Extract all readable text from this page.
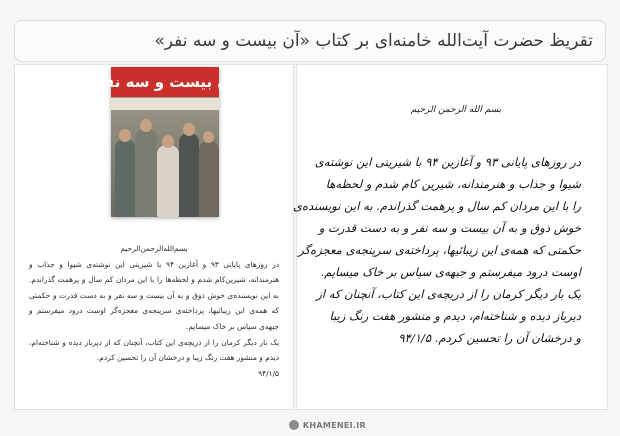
تقریظ حضرت آیت‌الله خامنه‌ای بر کتاب «آن بیست و سه نفر»
آن بیست و سه نفر

بسم‌الله‌الرحمن‌الرحیم

در روزهای پایانی ۹۳ و آغازین ۹۴ با شیرینی این نوشته‌ی شیوا و جذاب و هنرمندانه، شیرین‌کام شدم و لحظه‌ها را با این مردان کم سال و پرهمت گذراندم. به این نویسنده‌ی خوش ذوق و به آن بیست و سه نفر و به دست قدرت و حکمتی که همه‌ی این زیبائیها، پرداخته‌ی سرپنجه‌ی معجزه‌گر اوست درود میفرستم و جبهه‌ی سپاس بر خاک میسایم.

یک بار دیگر کرمان را از دریچه‌ی این کتاب، آنچنان که از دیرباز دیده و شناخته‌ام، دیدم و منشور هفت رنگ زیبا و درخشان آن را تحسین کردم.

۹۴/۱/۵

بسم الله الرحمن الرحیم
در روزهای پایانی ۹۳ و آغازین ۹۴ با شیرینی این نوشته‌ی
شیوا و جذاب و هنرمندانه، شیرین کام شدم و لحظه‌ها
را با این مردان کم سال و پرهمت گذراندم. به این نویسنده‌ی
خوش ذوق و به آن بیست و سه نفر و به دست قدرت و
حکمتی که همه‌ی این زیبائیها، پرداخته‌ی سرپنجه‌ی معجزه‌گر
اوست درود میفرستم و جبهه‌ی سپاس بر خاک میسایم.
یک بار دیگر کرمان را از دریچه‌ی این کتاب، آنچنان که از
دیرباز دیده و شناخته‌ام، دیدم و منشور هفت رنگ زیبا
و درخشان آن را تحسین کردم. ۹۴/۱/۵
KHAMENEI.IR
